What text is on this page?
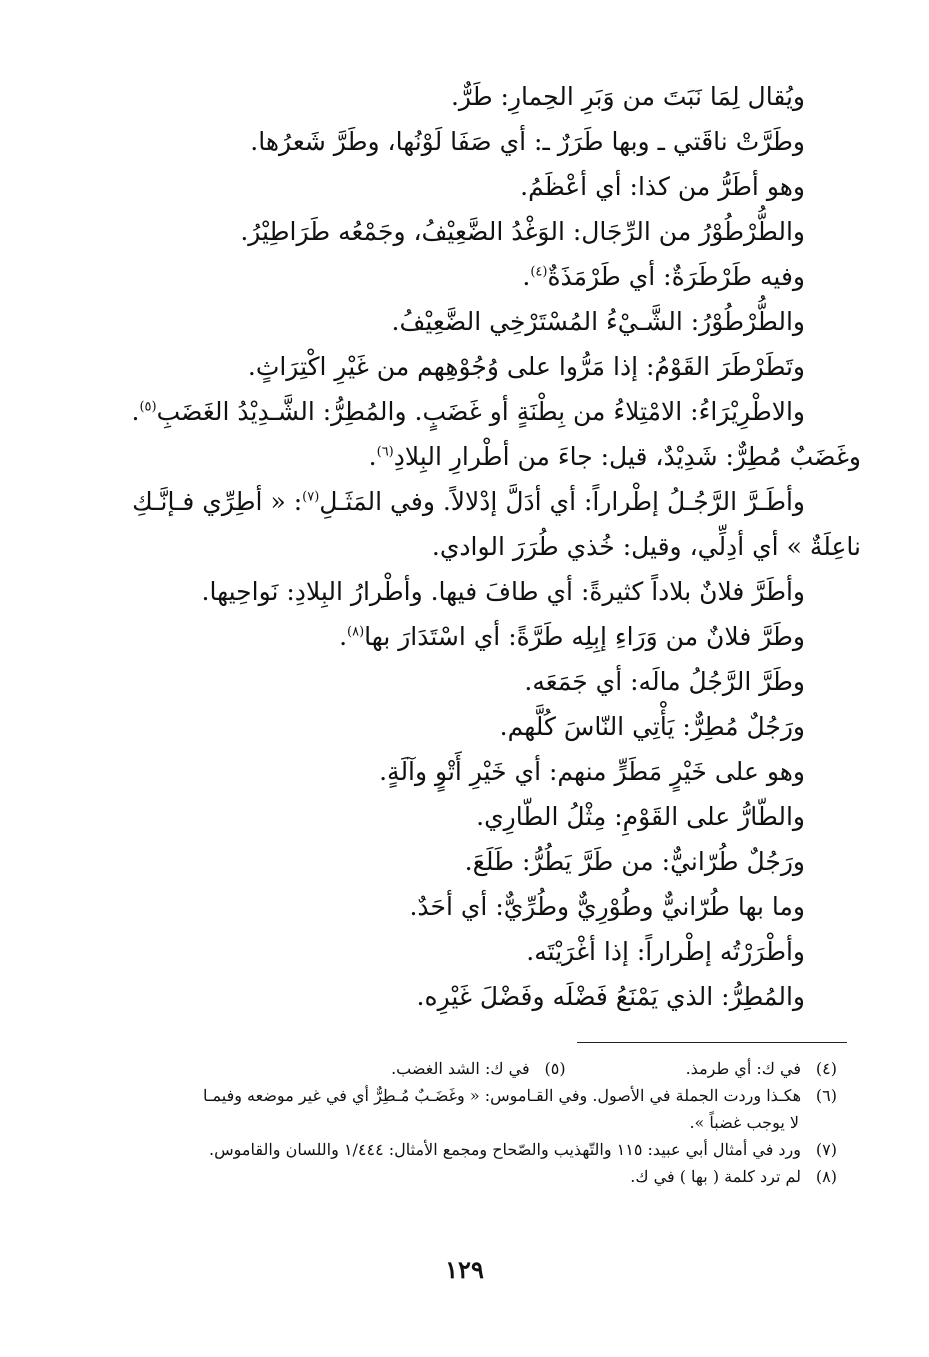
ويُقال لِمَا نَبَتَ من وَبَرِ الحِمارِ: طَرٌّ.
وطَرَّتْ ناقَتي ـ وبها طَرَرٌ ـ: أي صَفَا لَوْنُها، وطَرَّ شَعرُها.
وهو أطَرُّ من كذا: أي أعْظَمُ.
والطُّرْطُوْرُ من الرِّجَال: الوَغْدُ الضَّعِيْفُ، وجَمْعُه طَرَاطِيْرُ.
وفيه طَرْطَرَةٌ: أي طَرْمَذَةٌ$^{(٤)}$.
والطُّرْطُوْرُ: الشَّـيْءُ المُسْتَرْخِي الضَّعِيْفُ.
وتَطَرْطَرَ القَوْمُ: إذا مَرُّوا على وُجُوْهِهم من غَيْرِ اكْتِرَاثٍ.
والاطْرِيْرَاءُ: الامْتِلاءُ من بِطْنَةٍ أو غَضَبٍ. والمُطِرُّ: الشَّـدِيْدُ الغَضَبِ$^{(٥)}$.
وغَضَبٌ مُطِرٌّ: شَدِيْدٌ، قيل: جاءَ من أطْرارِ البِلادِ$^{(٦)}$.
وأطَـرَّ الرَّجُـلُ إطْراراً: أي أدَلَّ إدْلالاً. وفي المَثَـلِ$^{(٧)}$: « أطِرِّي فـإنَّـكِ
ناعِلَةٌ » أي أدِلِّي، وقيل: خُذي طُرَرَ الوادي.
وأطَرَّ فلانٌ بلاداً كثيرةً: أي طافَ فيها. وأطْرارُ البِلادِ: نَواحِيها.
وطَرَّ فلانٌ من وَرَاءِ إبِلِه طَرَّةً: أي اسْتَدَارَ بها$^{(٨)}$.
وطَرَّ الرَّجُلُ مالَه: أي جَمَعَه.
ورَجُلٌ مُطِرٌّ: يَأْتِي النّاسَ كُلَّهم.
وهو على خَيْرٍ مَطَرٍّ منهم: أي خَيْرِ أَتْوٍ وآلَةٍ.
والطّارُّ على القَوْمِ: مِثْلُ الطّارِي.
ورَجُلٌ طُرّانيٌّ: من طَرَّ يَطُرُّ: طَلَعَ.
وما بها طُرّانيٌّ وطُوْرِيٌّ وطُرِّيٌّ: أي أحَدٌ.
وأطْرَرْتُه إطْراراً: إذا أغْرَيْتَه.
والمُطِرُّ: الذي يَمْنَعُ فَضْلَه وفَضْلَ غَيْرِه.
(٤)في ك: أي طرمذ.(٥)في ك: الشد الغضب.
(٦)هكـذا وردت الجملة في الأصول. وفي القـاموس: « وغَضَـبٌ مُـطِرٌّ أي في غير موضعه وفيمـا
لا يوجب غضباً ».
(٧)ورد في أمثال أبي عبيد: ١١٥ والتّهذيب والصّحاح ومجمع الأمثال: ١/٤٤٤ واللسان والقاموس.
(٨)لم ترد كلمة ( بها ) في ك.
١٢٩
